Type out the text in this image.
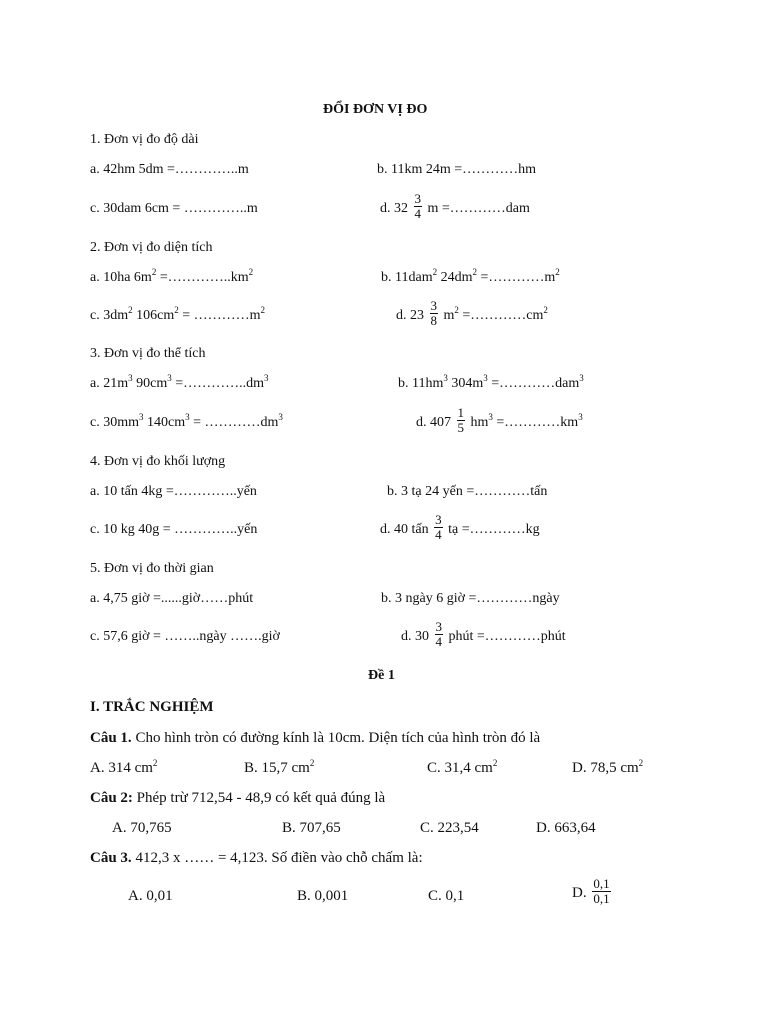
ĐỔI ĐƠN VỊ ĐO
1. Đơn vị đo độ dài
a. 42hm 5dm =…………..m	b. 11km 24m =…………hm
c. 30dam 6cm = …………..m	d. $32 \frac{3}{4}$ m =…………dam
2. Đơn vị đo diện tích
a. 10ha $6m^2$ $=\dots\dots\dots\dots..km^2$	b. 11dam$^2$ $24dm^2$ $=\dots\dots\dots\dots m^2$
c. $3dm^2$ $106cm^2$ = $\dots\dots\dots\dots m^2$	d. $23 \frac{3}{8} m^2$ $=\dots\dots\dots\dots cm^2$
3. Đơn vị đo thể tích
a. $21m^3$ $90cm^3$ $=\dots\dots\dots\dots..dm^3$	b. $11hm^3$ $304m^3$ =…………dam$^3$
c. $30mm^3$ $140cm^3$ = $\dots\dots\dots\dots dm^3$	d. $407 \frac{1}{5} hm^3$ $=\dots\dots\dots\dots km^3$
4. Đơn vị đo khối lượng
a. 10 tấn 4kg =…………..yến	b. 3 tạ 24 yến =…………tấn
c. 10 kg 40g = …………..yến	d. 40 tấn $\frac{3}{4}$ tạ =…………kg
5. Đơn vị đo thời gian
a. 4,75 giờ =......giờ……phút	b. 3 ngày 6 giờ =…………ngày
c. 57,6 giờ = ……..ngày …….giờ	d. $30 \frac{3}{4}$ phút =…………phút
Đề 1
I. TRẮC NGHIỆM
Câu 1. Cho hình tròn có đường kính là 10cm. Diện tích của hình tròn đó là
A. 314 $cm^2$	B. 15,7 $cm^2$	C. 31,4 $cm^2$	D. 78,5 $cm^2$
Câu 2: Phép trừ 712,54 - 48,9 có kết quả đúng là
A. 70,765	B. 707,65	C. 223,54	D. 663,64
Câu 3. 412,3 x …… = 4,123. Số điền vào chỗ chấm là:
A. 0,01	B. 0,001	C. 0,1	D. $\frac{0,1}{0,1}$
